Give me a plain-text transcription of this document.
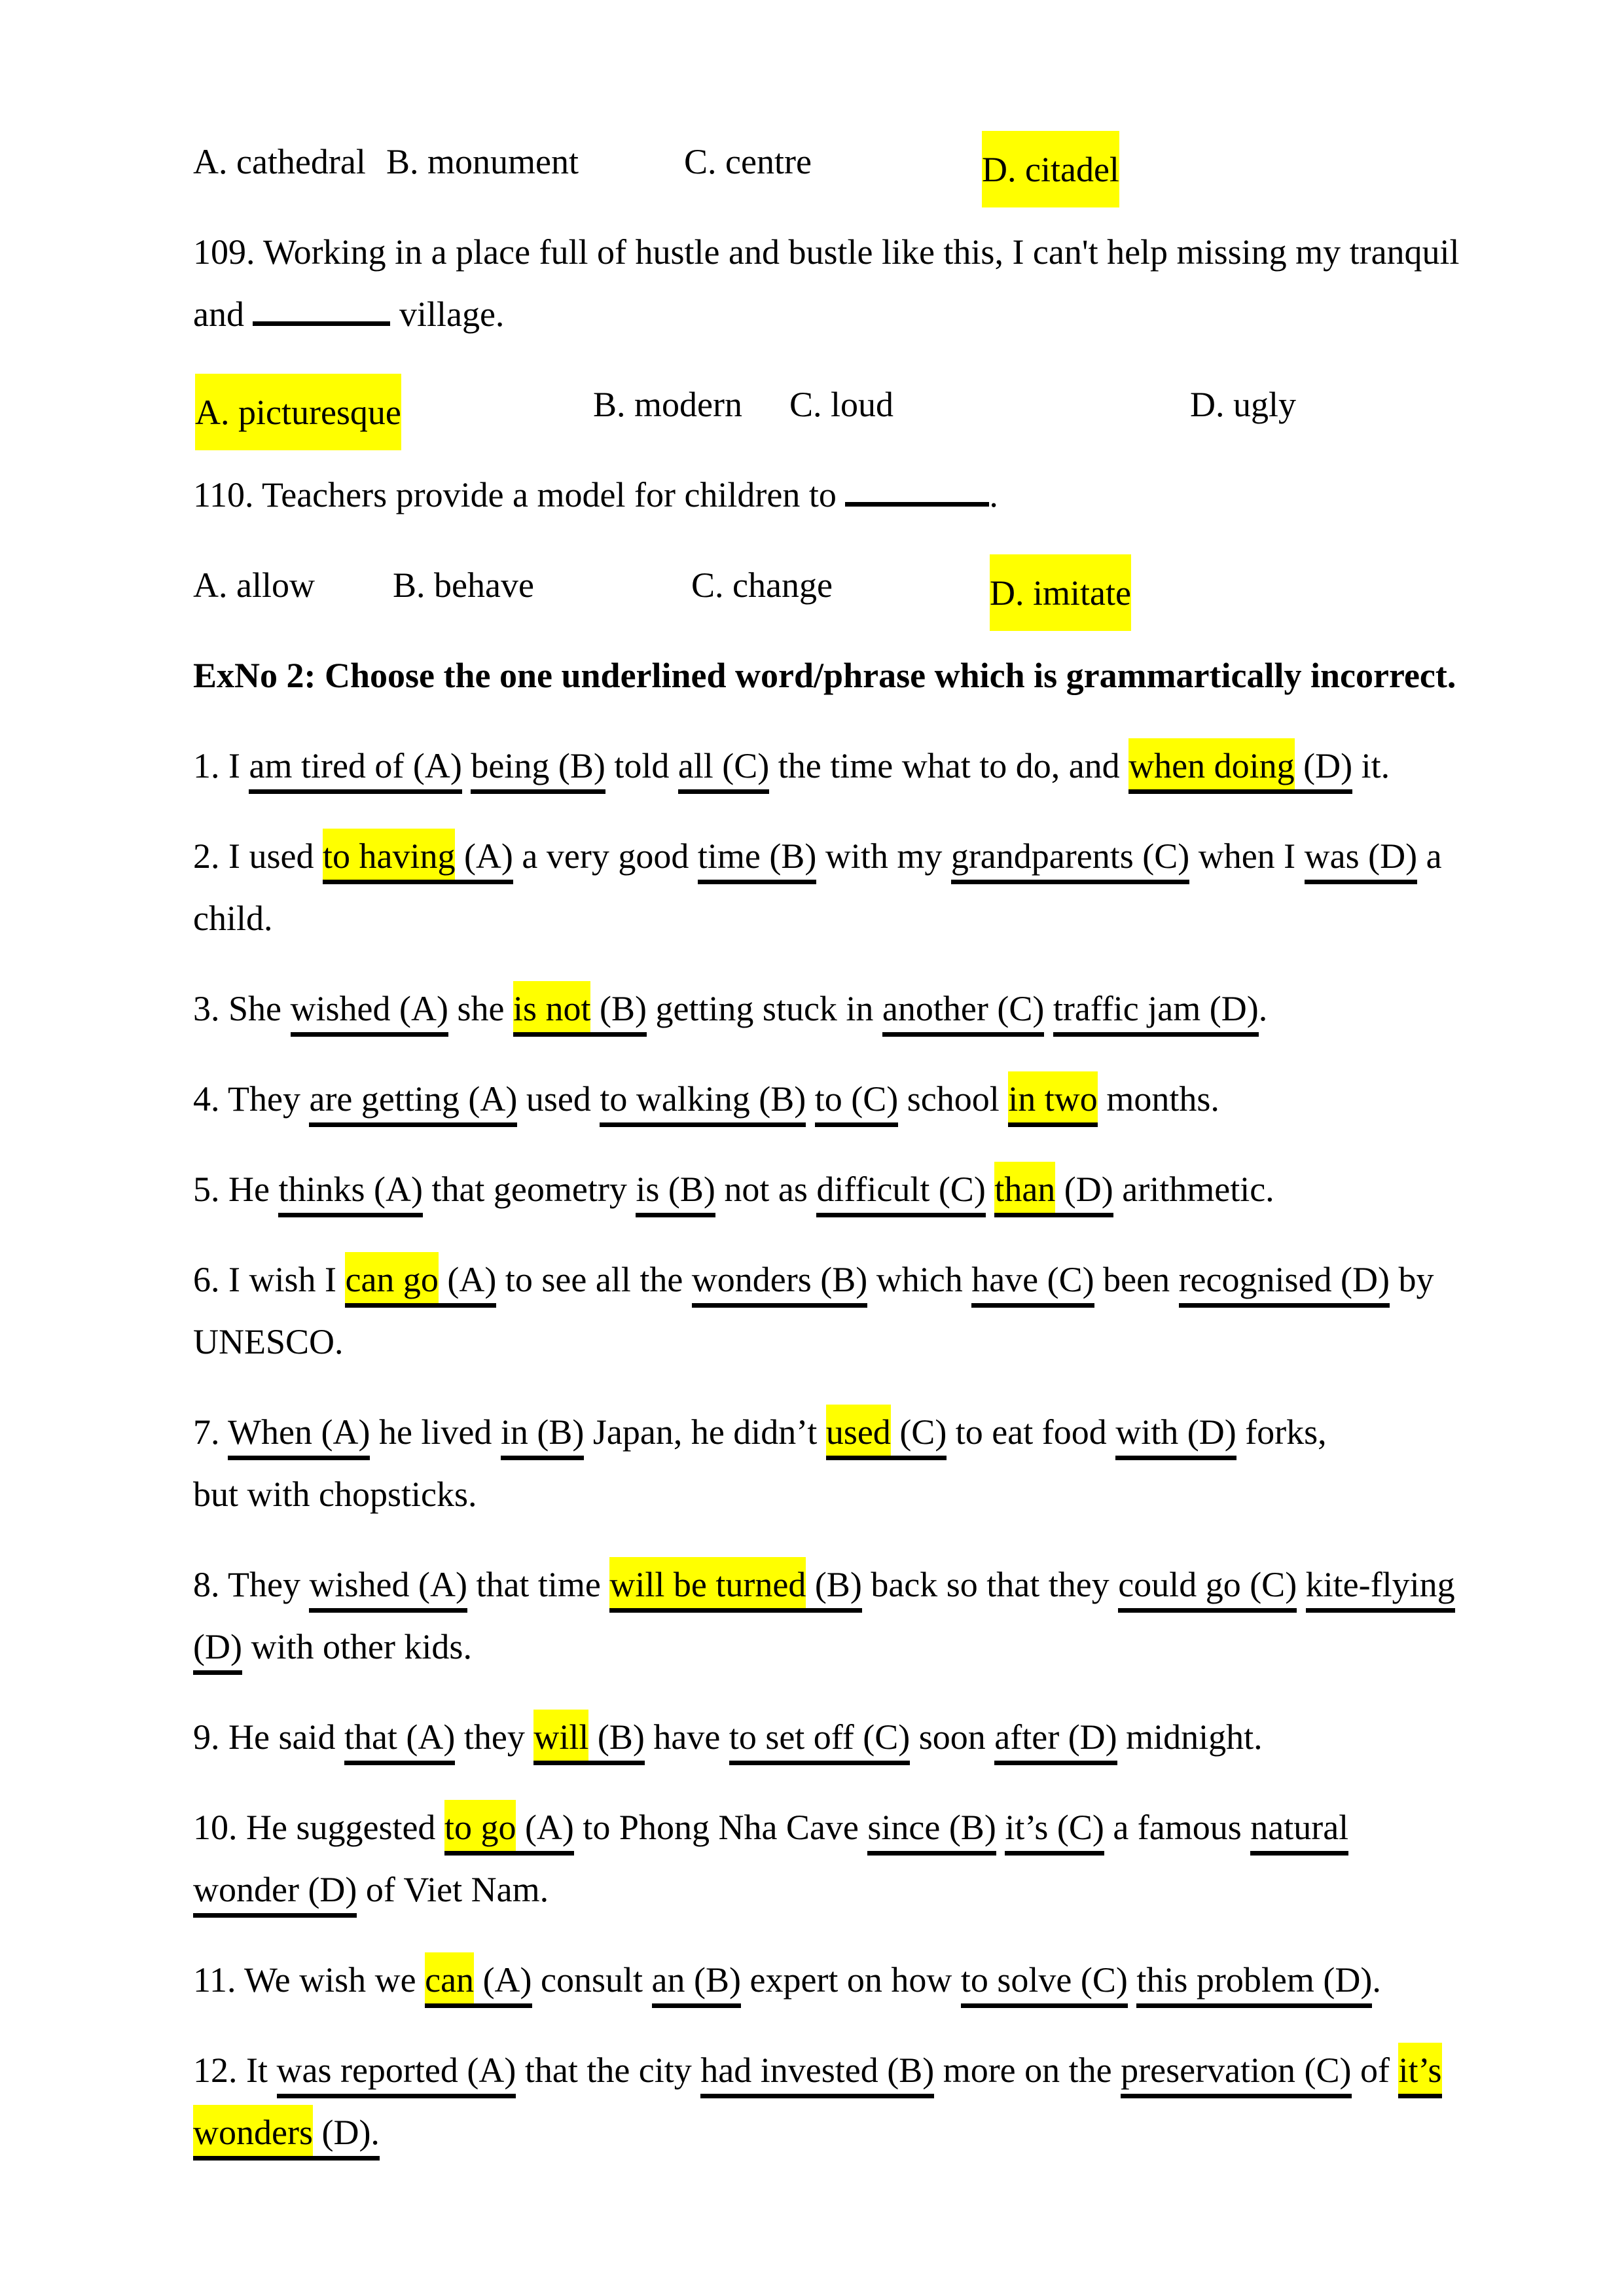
A. cathedral B. monument	C. centre	D. citadel
109. Working in a place full of hustle and bustle like this, I can't help missing my tranquil
and	village.
A. picturesque	B. modern C. loud	D. ugly
110. Teachers provide a model for children to	.
A. allow B. behave	C. change	D. imitate
ExNo 2: Choose the one underlined word/phrase which is grammartically incorrect.
1. I am tired of (A) being (B) told all (C) the time what to do, and when doing (D) it.
2. I used to having (A) a very good time (B) with my grandparents (C) when I was (D) a
child.
3. She wished (A) she is not (B) getting stuck in another (C) traffic jam (D).
4. They are getting (A) used to walking (B) to (C) school in two months.
5. He thinks (A) that geometry is (B) not as difficult (C) than (D) arithmetic.
6. I wish I can go (A) to see all the wonders (B) which have (C) been recognised (D) by
UNESCO.
7. When (A) he lived in (B) Japan, he didn’t used (C) to eat food with (D) forks,
but with chopsticks.
8. They wished (A) that time will be turned (B) back so that they could go (C) kite-flying
(D) with other kids.
9. He said that (A) they will (B) have to set off (C) soon after (D) midnight.
10. He suggested to go (A) to Phong Nha Cave since (B) it’s (C) a famous natural
wonder (D) of Viet Nam.
11. We wish we can (A) consult an (B) expert on how to solve (C) this problem (D).
12. It was reported (A) that the city had invested (B) more on the preservation (C) of it’s
wonders (D).
